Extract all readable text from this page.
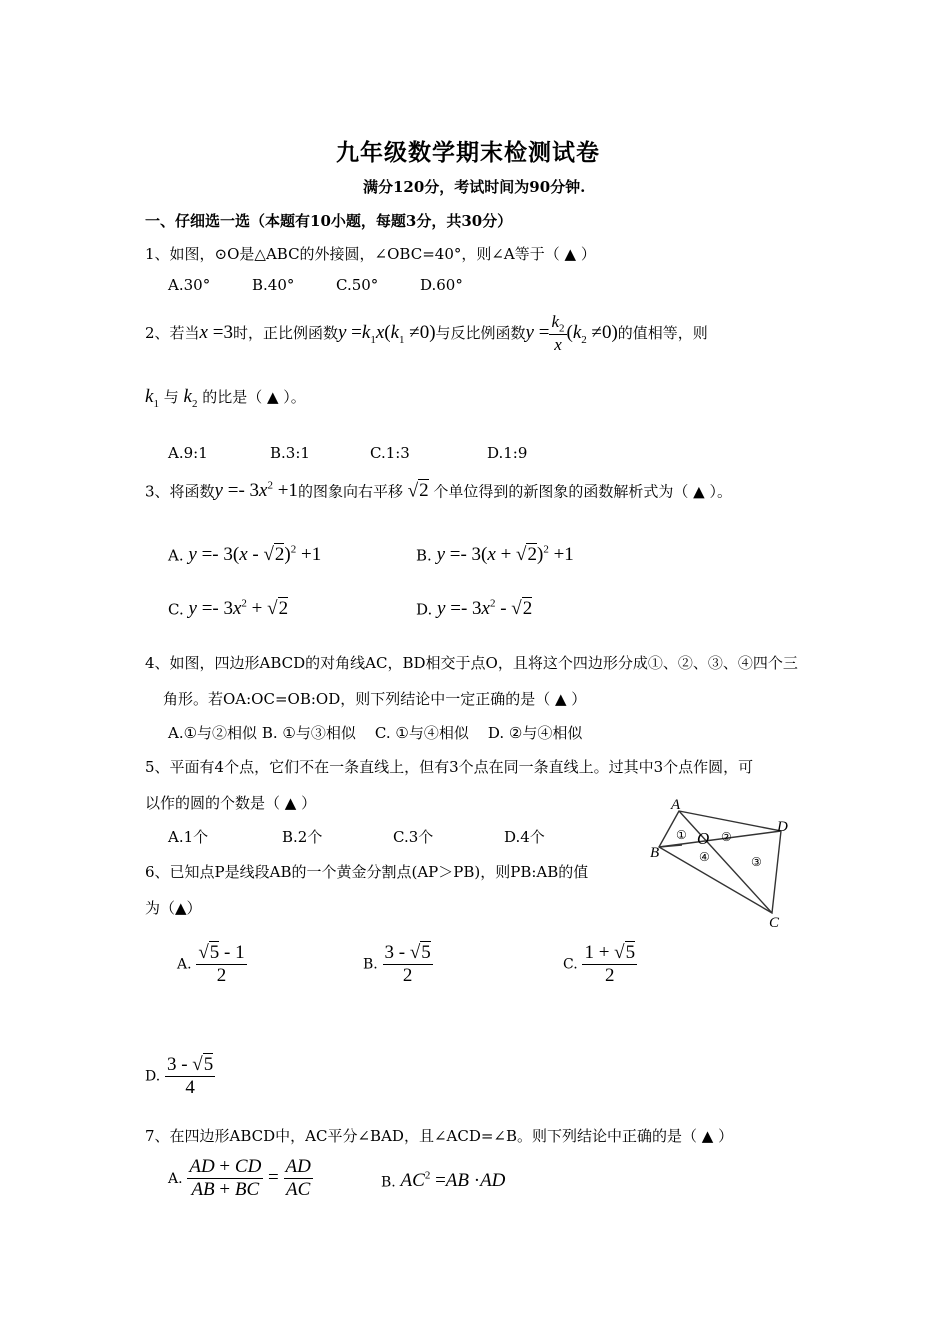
九年级数学期末检测试卷
满分120分，考试时间为90分钟.
一、仔细选一选（本题有10小题，每题3分，共30分）
1、如图，⊙O是△ABC的外接圆，∠OBC=40°，则∠A等于（ ▲ ）
A.30°	B.40°	C.50°	D.60°
2、若当x =3时，正比例函数$y =k_1x(k_1 \ne 0)$与反比例函数$y = \frac{k_2}{x} (k_2 \ne 0)$的值相等，则
$k_1$ 与 $k_2$ 的比是（ ▲ ）。
A.9:1	B.3:1	C.1:3	D.1:9
3、将函数$y =- 3x^2 +1$的图象向右平移 √2 个单位得到的新图象的函数解析式为（ ▲ ）。
A. y =- 3(x - √2)$^2$ +1	B. $y =- 3(x + √2)^2 +1$
C. $y =- 3x^2 + √2$	D. $y =- 3x^2 - √2$
4、如图，四边形ABCD的对角线AC，BD相交于点O，且将这个四边形分成①、②、③、④四个三
角形。若OA:OC=OB:OD，则下列结论中一定正确的是（ ▲ ）
A.①与②相似 B. ①与③相似    C. ①与④相似    D. ②与④相似
5、平面有4个点，它们不在一条直线上，但有3个点在同一条直线上。过其中3个点作圆，可
以作的圆的个数是（ ▲ ）
A.1个	B.2个	C.3个	D.4个
A
B
C
D
O
①	②
③
④
6、已知点P是线段AB的一个黄金分割点(AP＞PB)，则PB:AB的值
为（▲）
A. $\frac{√5 - 1}{2}$	B. $\frac{3 - √5}{2}$	C. $\frac{1 + √5}{2}$
D. $\frac{3 - √5}{4}$
7、在四边形ABCD中，AC平分∠BAD，且∠ACD=∠B。则下列结论中正确的是（ ▲ ）
A. $\frac{AD + CD}{AB + BC} = \frac{AD}{AC}$	B. $AC^2 =AB \cdot AD$
